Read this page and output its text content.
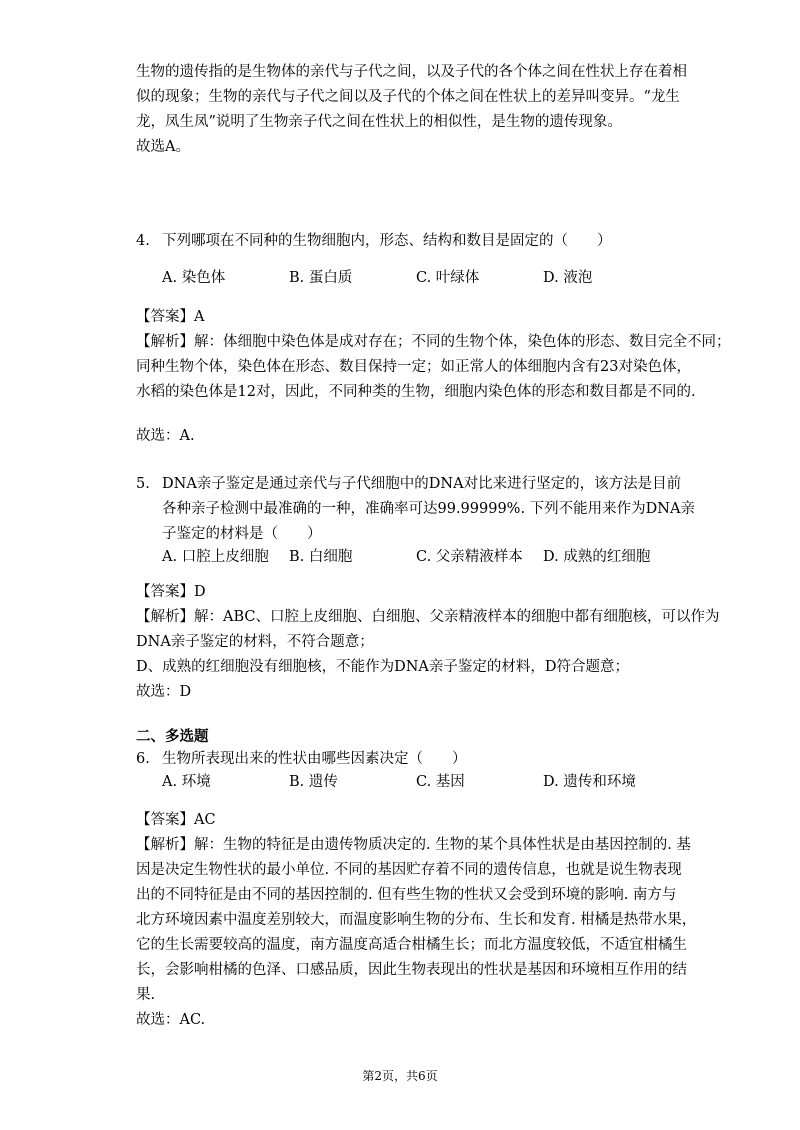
生物的遗传指的是生物体的亲代与子代之间，以及子代的各个体之间在性状上存在着相
似的现象；生物的亲代与子代之间以及子代的个体之间在性状上的差异叫变异。“龙生
龙，凤生凤”说明了生物亲子代之间在性状上的相似性，是生物的遗传现象。
故选A。
4. 下列哪项在不同种的生物细胞内，形态、结构和数目是固定的（　　）
A. 染色体	B. 蛋白质	C. 叶绿体	D. 液泡
【答案】A
【解析】解：体细胞中染色体是成对存在；不同的生物个体，染色体的形态、数目完全不同；
同种生物个体，染色体在形态、数目保持一定；如正常人的体细胞内含有23对染色体，
水稻的染色体是12对，因此，不同种类的生物，细胞内染色体的形态和数目都是不同的.
故选：A.
5. DNA亲子鉴定是通过亲代与子代细胞中的DNA对比来进行坚定的，该方法是目前
各种亲子检测中最准确的一种，准确率可达99.99999%. 下列不能用来作为DNA亲
子鉴定的材料是（　　）
A. 口腔上皮细胞 B. 白细胞	C. 父亲精液样本 D. 成熟的红细胞
【答案】D
【解析】解：ABC、口腔上皮细胞、白细胞、父亲精液样本的细胞中都有细胞核，可以作为
DNA亲子鉴定的材料，不符合题意；
D、成熟的红细胞没有细胞核，不能作为DNA亲子鉴定的材料，D符合题意；
故选：D
二、多选题
6. 生物所表现出来的性状由哪些因素决定（　　）
A. 环境	B. 遗传	C. 基因	D. 遗传和环境
【答案】AC
【解析】解：生物的特征是由遗传物质决定的. 生物的某个具体性状是由基因控制的. 基
因是决定生物性状的最小单位. 不同的基因贮存着不同的遗传信息，也就是说生物表现
出的不同特征是由不同的基因控制的. 但有些生物的性状又会受到环境的影响. 南方与
北方环境因素中温度差别较大，而温度影响生物的分布、生长和发育. 柑橘是热带水果，
它的生长需要较高的温度，南方温度高适合柑橘生长；而北方温度较低，不适宜柑橘生
长，会影响柑橘的色泽、口感品质，因此生物表现出的性状是基因和环境相互作用的结
果.
故选：AC.
第2页，共6页
